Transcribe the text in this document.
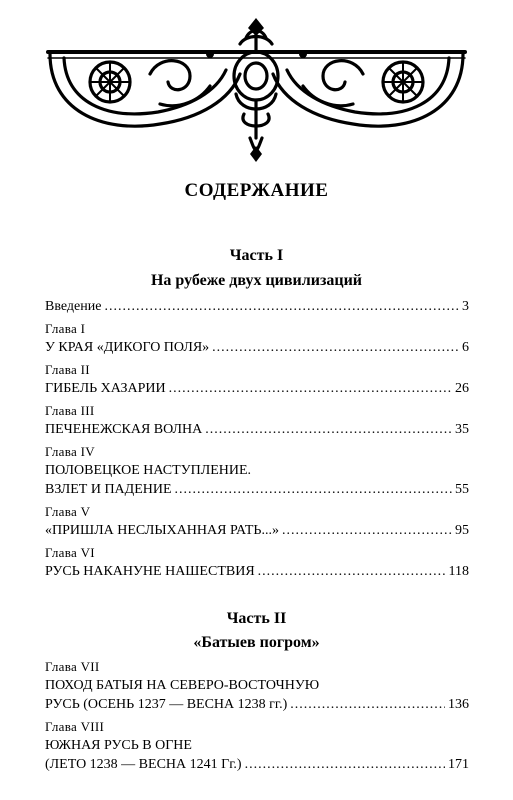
СОДЕРЖАНИЕ
Часть I
На рубеже двух цивилизаций
Введение .....	3
Глава I
У КРАЯ «ДИКОГО ПОЛЯ» .....	6
Глава II
ГИБЕЛЬ ХАЗАРИИ .....	26
Глава III
ПЕЧЕНЕЖСКАЯ ВОЛНА .....	35
Глава IV
ПОЛОВЕЦКОЕ НАСТУПЛЕНИЕ.
ВЗЛЕТ И ПАДЕНИЕ .....	55
Глава V
«ПРИШЛА НЕСЛЫХАННАЯ РАТЬ...» .....	95
Глава VI
РУСЬ НАКАНУНЕ НАШЕСТВИЯ .....	118
Часть II
«Батыев погром»
Глава VII
ПОХОД БАТЫЯ НА СЕВЕРО-ВОСТОЧНУЮ
РУСЬ (ОСЕНЬ 1237 — ВЕСНА 1238 гг.) .....	136
Глава VIII
ЮЖНАЯ РУСЬ В ОГНЕ
(ЛЕТО 1238 — ВЕСНА 1241 Гг.) .....	171
